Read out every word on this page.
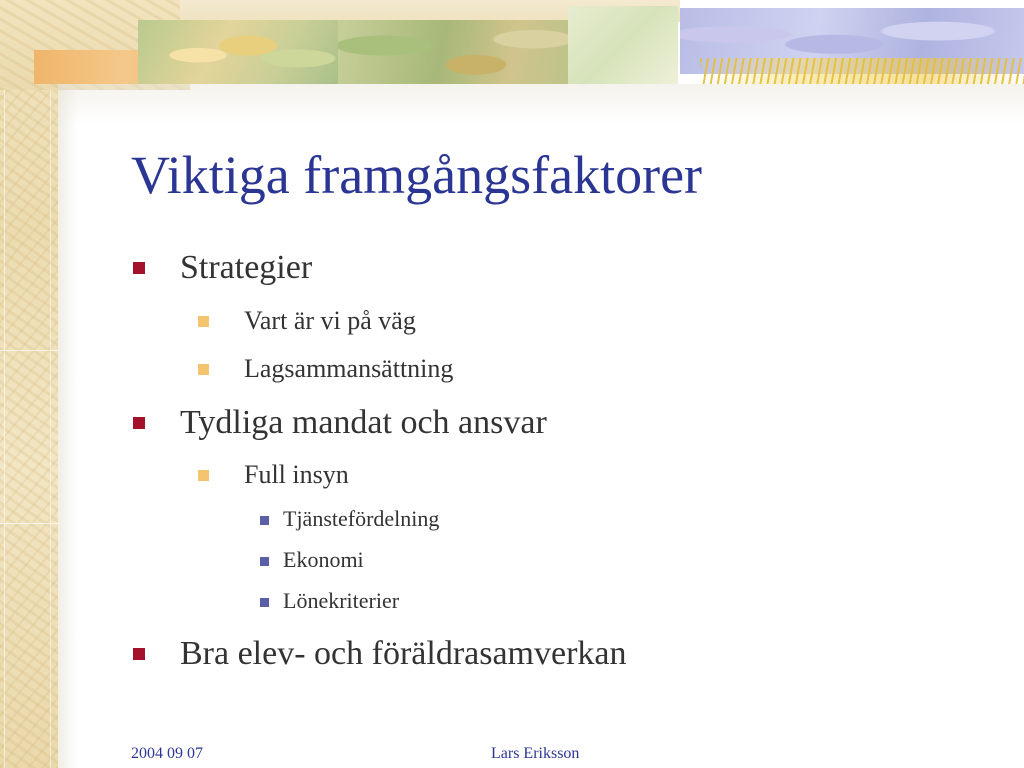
Viktiga framgångsfaktorer
Strategier
Vart är vi på väg
Lagsammansättning
Tydliga mandat och ansvar
Full insyn
Tjänstefördelning
Ekonomi
Lönekriterier
Bra elev- och föräldrasamverkan
2004 09 07	Lars Eriksson
